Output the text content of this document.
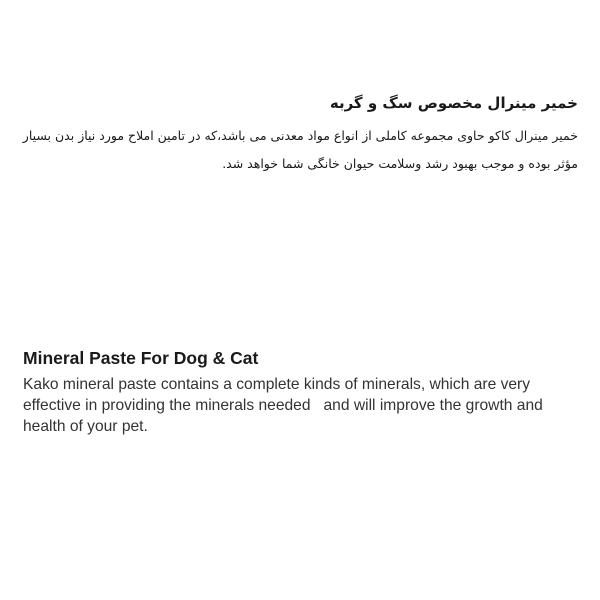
خمیر مینرال مخصوص سگ و گربه

خمیر مینرال کاکو حاوی مجموعه کاملی از انواع مواد معدنی می باشد،که در تامین املاح مورد نیاز بدن بسیار مؤثر بوده و موجب بهبود رشد وسلامت حیوان خانگی شما خواهد شد.

Mineral Paste For Dog & Cat

Kako mineral paste contains a complete kinds of minerals, which are very effective in providing the minerals needed   and will improve the growth and health of your pet.
